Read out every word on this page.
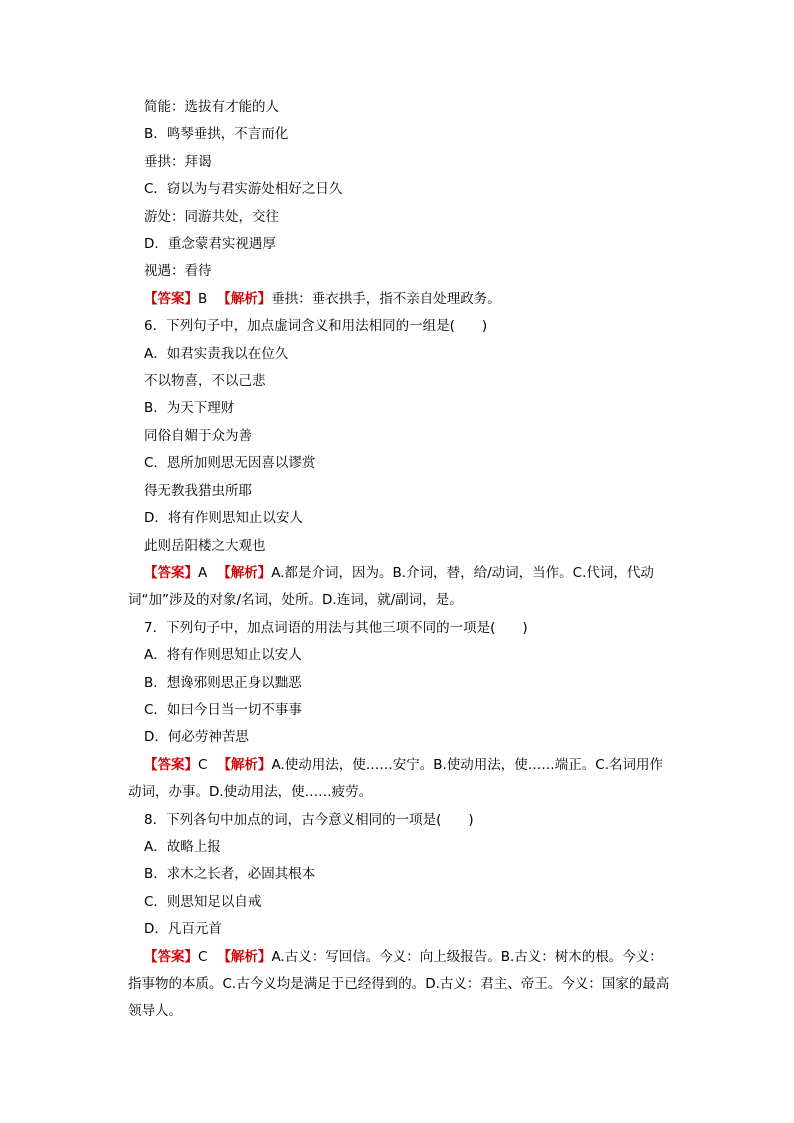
简能：选拔有才能的人
B．鸣琴垂拱，不言而化
垂拱：拜谒
C．窃以为与君实游处相好之日久
游处：同游共处，交往
D．重念蒙君实视遇厚
视遇：看待
【答案】B 【解析】垂拱：垂衣拱手，指不亲自处理政务。
6．下列句子中，加点虚词含义和用法相同的一组是(　　)
A．如君实责我以在位久
不以物喜，不以己悲
B．为天下理财
同俗自媚于众为善
C．恩所加则思无因喜以谬赏
得无教我猎虫所耶
D．将有作则思知止以安人
此则岳阳楼之大观也
【答案】A 【解析】A.都是介词，因为。B.介词，替，给/动词，当作。C.代词，代动
词“加”涉及的对象/名词，处所。D.连词，就/副词，是。
7．下列句子中，加点词语的用法与其他三项不同的一项是(　　)
A．将有作则思知止以安人
B．想谗邪则思正身以黜恶
C．如曰今日当一切不事事
D．何必劳神苦思
【答案】C 【解析】A.使动用法，使……安宁。B.使动用法，使……端正。C.名词用作
动词，办事。D.使动用法，使……疲劳。
8．下列各句中加点的词，古今意义相同的一项是(　　)
A．故略上报
B．求木之长者，必固其根本
C．则思知足以自戒
D．凡百元首
【答案】C 【解析】A.古义：写回信。今义：向上级报告。B.古义：树木的根。今义：
指事物的本质。C.古今义均是满足于已经得到的。D.古义：君主、帝王。今义：国家的最高
领导人。
